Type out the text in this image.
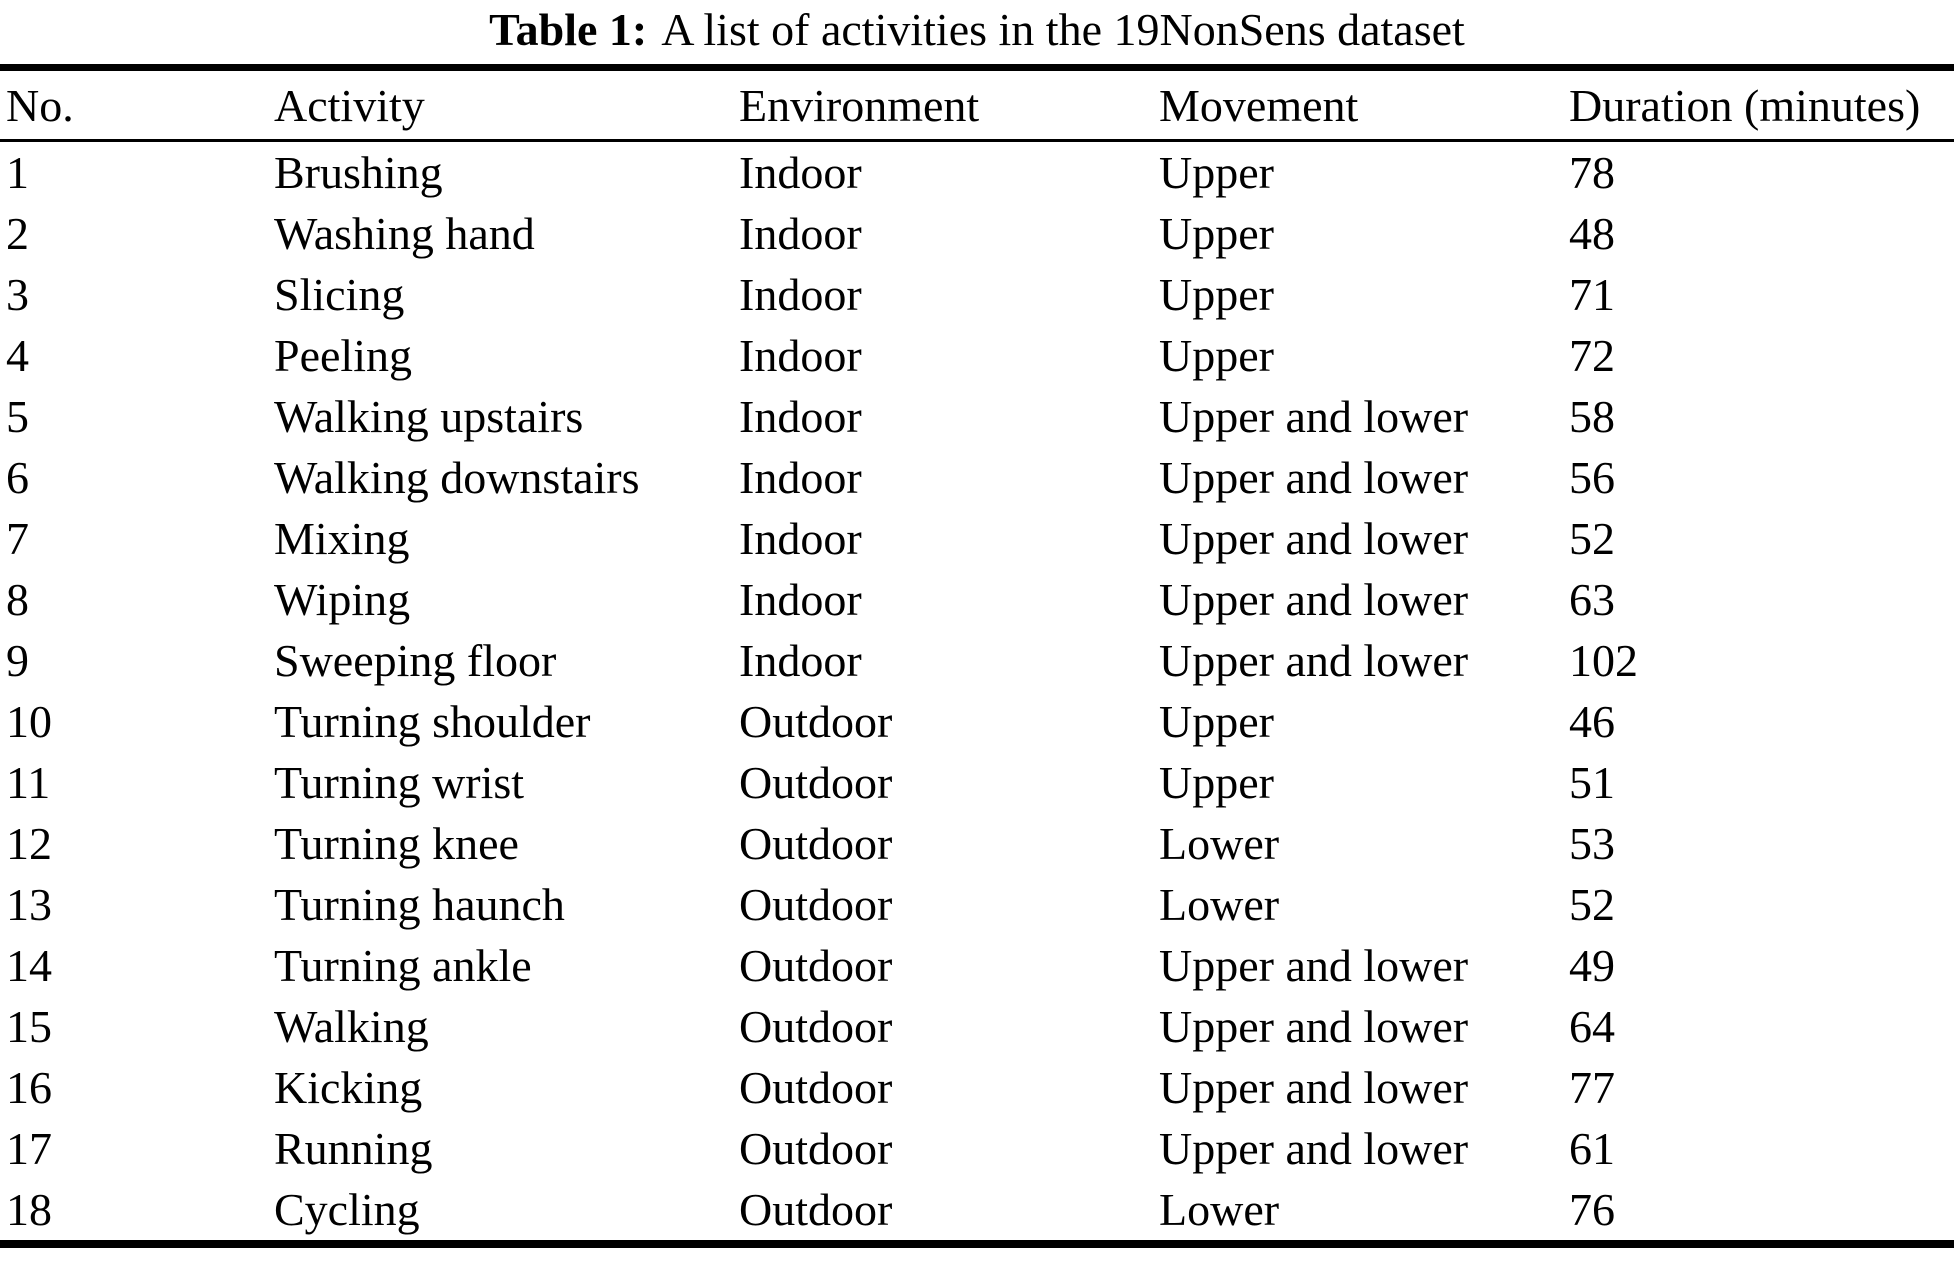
Table 1: A list of activities in the 19NonSens dataset
No.	Activity	Environment	Movement	Duration (minutes)
1	Brushing	Indoor	Upper	78
2	Washing hand	Indoor	Upper	48
3	Slicing	Indoor	Upper	71
4	Peeling	Indoor	Upper	72
5	Walking upstairs	Indoor	Upper and lower	58
6	Walking downstairs	Indoor	Upper and lower	56
7	Mixing	Indoor	Upper and lower	52
8	Wiping	Indoor	Upper and lower	63
9	Sweeping floor	Indoor	Upper and lower	102
10	Turning shoulder	Outdoor	Upper	46
11	Turning wrist	Outdoor	Upper	51
12	Turning knee	Outdoor	Lower	53
13	Turning haunch	Outdoor	Lower	52
14	Turning ankle	Outdoor	Upper and lower	49
15	Walking	Outdoor	Upper and lower	64
16	Kicking	Outdoor	Upper and lower	77
17	Running	Outdoor	Upper and lower	61
18	Cycling	Outdoor	Lower	76
